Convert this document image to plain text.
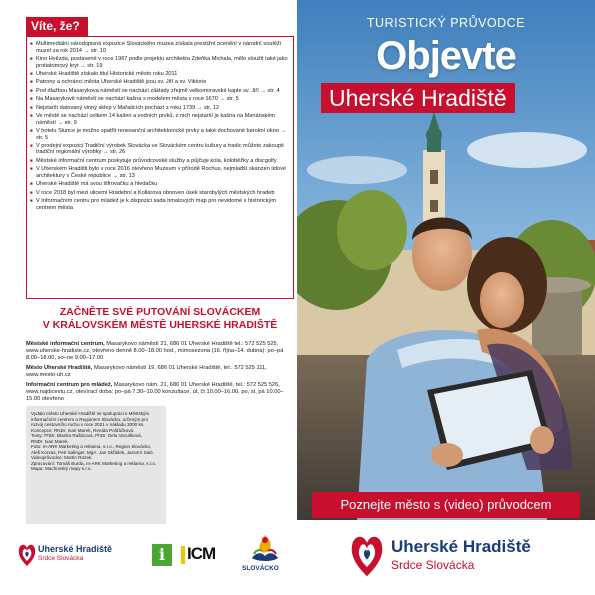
Víte, že?
■ Multimediální národopisná expozice Slováckého muzea získala prestižní ocenění v národní soutěži muzeí za rok 2014 → str. 10
■ Kino Hvězda, postavené v roce 1967 podle projektu architekta Zdeňka Michala, mělo sloužit také jako protiatomový kryt → str. 19
■ Uherské Hradiště získalo titul Historické město roku 2011
■ Patrony a ochránci města Uherské Hradiště jsou sv. Jiří a sv. Viktorie
■ Pod dlažbou Masarykova náměstí se nachází základy zřejmě velkomoravské kaple sv. Jiří → str. 4
■ Na Masarykově náměstí se nachází kašna s modelem města v roce 1670 → str. 5
■ Nejstarší datovaný vinný sklep v Mařaticích pochází z roku 1739 → str. 12
■ Ve městě se nachází celkem 14 kašen a vodních prvků, z nich nejstarší je kašna na Mariánském náměstí → str. 9
■ V hotelu Slunce je možno spatřit renesanční architektonické prvky a také dochované barokní okno → str. 5
■ V prodejní expozici Tradiční výrobek Slovácka ve Slováckém centru kultury a tradic můžete zakoupit tradiční regionální výrobky → str. 26
■ Městské informační centrum poskytuje průvodcovské služby a půjčuje kola, koloběžky a discgolfy
■ V Uherském Hradišti bylo v roce 2016 otevřeno Muzeum v přírodě Rochus, nejmladší skanzen lidové architektury v České republice → str. 13
■ Uherské Hradiště má svou šifrovačku a hledačku
■ V roce 2018 byl mezi ulicemi Hradební a Kollárova obnoven úsek starobylých městských hradeb
■ V Informačním centru pro mládež je k dispozici sada hmatových map pro nevidomé s historickým centrem města
ZAČNĚTE SVÉ PUTOVÁNÍ SLOVÁCKEM
V KRÁLOVSKÉM MĚSTĚ UHERSKÉ HRADIŠTĚ

Městské informační centrum, Masarykovo náměstí 21, 686 01 Uherské Hradiště tel.: 572 525 525, www.uherske-hradiste.cz, otevřeno denně 8.00–18.00 hod., mimosezona (16. října–14. dubna): po–pá 8.00–18.00, so–ne 9.00–17.00

Město Uherské Hradiště, Masarykovo náměstí 19, 686 01 Uherské Hradiště, tel.: 572 525 111, www.mesto-uh.cz

Informační centrum pro mládež, Masarykovo nám. 21, 686 01 Uherské Hradiště, tel.: 572 525 526, www.najdicestu.cz, otevírací doba: po–pá 7.30–10.00 konzultace, út, čt 10.00–16.00, po, st, pá 10.00–15.00 otevřeno

Vydalo město Uherské Hradiště ve spolupráci s Městským
informačním centrem a Regionem Slovácko, určeným pro
rozvoj cestovního ruchu v roce 2021 v nákladu 3000 ks.
Koncepce: RNDr. Ivan Marek, Renáta Poliťáčková.
Texty: PhDr. Blanka Rašticová, PhDr. Dela Vacušková,
RNDr. Ivan Marek.
Foto: m-ARK Marketing a reklama, s.r.o., Region Slovácko,
Aleš Korvas, Petr Salinger, MgA. Jan Skřášek, Jaromír Salé.
Videoprůvodce: Martin Rozek.
Zpracování: Tomáš Burda, m-ARK Marketing a reklama, s.r.o.
Mapa: Machovský mapy s.r.o.
Uherské Hradiště
Srdce Slovácka	i	ICM
SLOVÁCKO
TURISTICKÝ PRŮVODCE
Objevte
Uherské Hradiště
Poznejte město s (video) průvodcem
Uherské Hradiště
Srdce Slovácka
